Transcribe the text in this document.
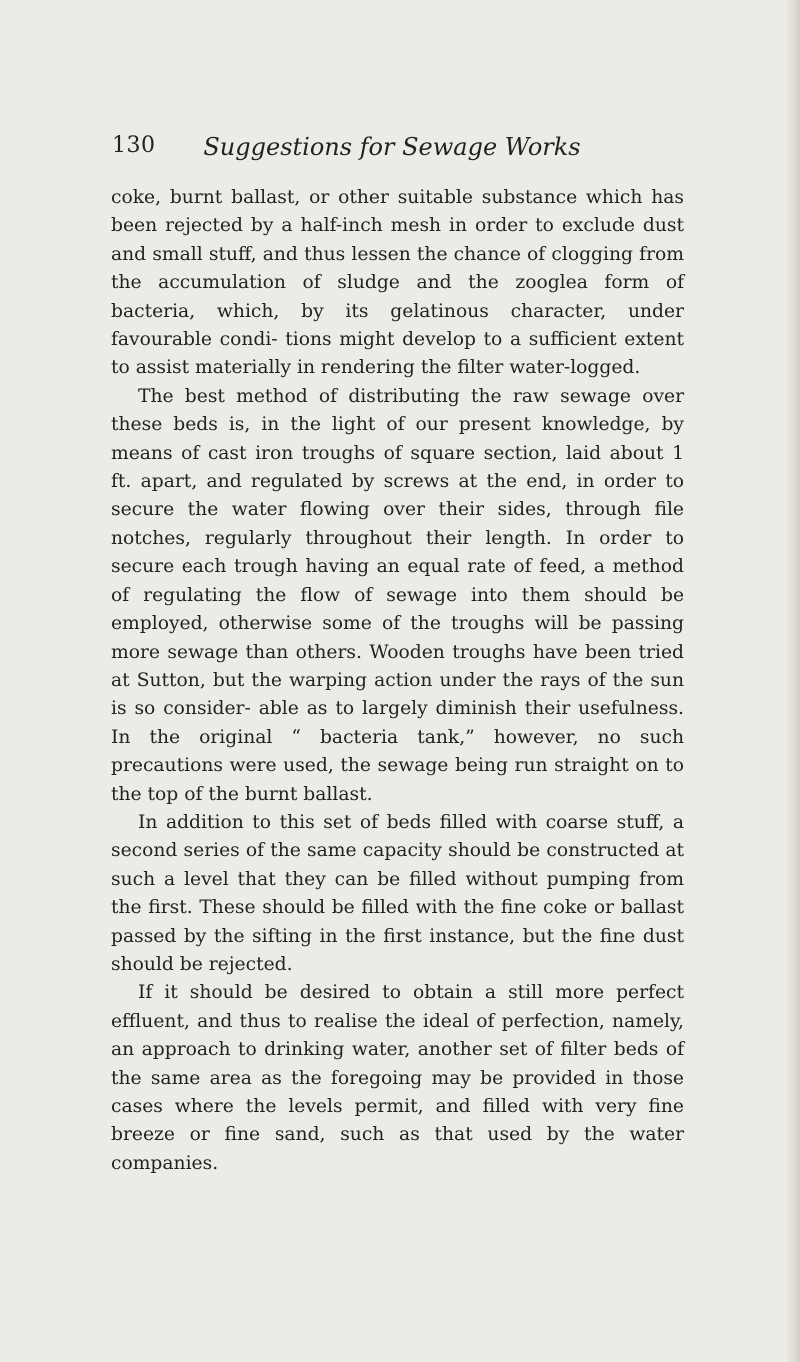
130	Suggestions for Sewage Works

coke, burnt ballast, or other suitable substance which has been rejected by a half-inch mesh in order to exclude dust and small stuff, and thus lessen the chance of clogging from the accumulation of sludge and the zooglea form of bacteria, which, by its gelatinous character, under favourable condi- tions might develop to a sufficient extent to assist materially in rendering the filter water-logged.

The best method of distributing the raw sewage over these beds is, in the light of our present knowledge, by means of cast iron troughs of square section, laid about 1 ft. apart, and regulated by screws at the end, in order to secure the water flowing over their sides, through file notches, regularly throughout their length. In order to secure each trough having an equal rate of feed, a method of regulating the flow of sewage into them should be employed, otherwise some of the troughs will be passing more sewage than others. Wooden troughs have been tried at Sutton, but the warping action under the rays of the sun is so consider- able as to largely diminish their usefulness. In the original “ bacteria tank,” however, no such precautions were used, the sewage being run straight on to the top of the burnt ballast.

In addition to this set of beds filled with coarse stuff, a second series of the same capacity should be constructed at such a level that they can be filled without pumping from the first. These should be filled with the fine coke or ballast passed by the sifting in the first instance, but the fine dust should be rejected.

If it should be desired to obtain a still more perfect effluent, and thus to realise the ideal of perfection, namely, an approach to drinking water, another set of filter beds of the same area as the foregoing may be provided in those cases where the levels permit, and filled with very fine breeze or fine sand, such as that used by the water companies.
